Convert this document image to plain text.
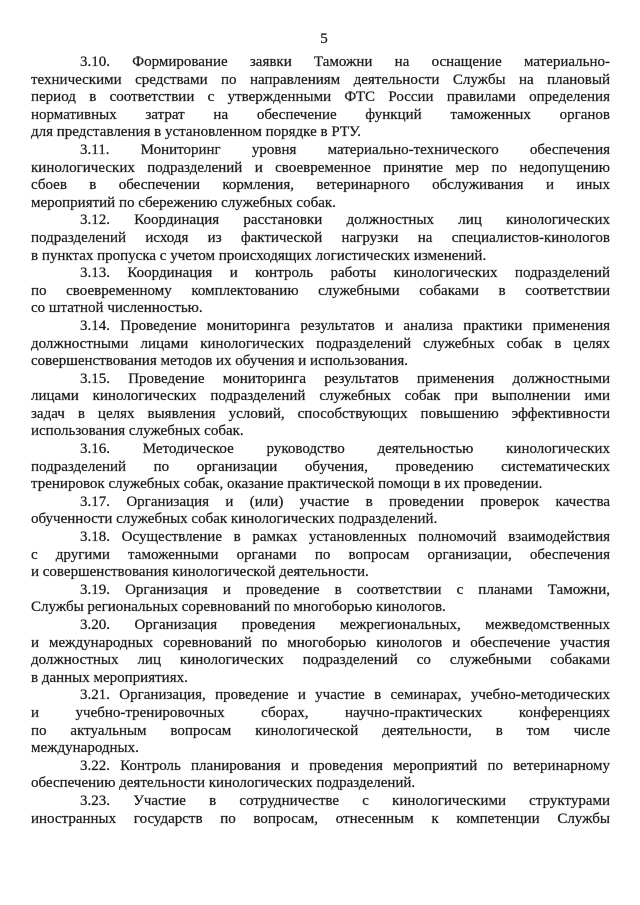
5
3.10. Формирование заявки Таможни на оснащение материально-
техническими средствами по направлениям деятельности Службы на плановый
период в соответствии с утвержденными ФТС России правилами определения
нормативных затрат на обеспечение функций таможенных органов
для представления в установленном порядке в РТУ.
3.11. Мониторинг уровня материально-технического обеспечения
кинологических подразделений и своевременное принятие мер по недопущению
сбоев в обеспечении кормления, ветеринарного обслуживания и иных
мероприятий по сбережению служебных собак.
3.12. Координация расстановки должностных лиц кинологических
подразделений исходя из фактической нагрузки на специалистов-кинологов
в пунктах пропуска с учетом происходящих логистических изменений.
3.13. Координация и контроль работы кинологических подразделений
по своевременному комплектованию служебными собаками в соответствии
со штатной численностью.
3.14. Проведение мониторинга результатов и анализа практики применения
должностными лицами кинологических подразделений служебных собак в целях
совершенствования методов их обучения и использования.
3.15. Проведение мониторинга результатов применения должностными
лицами кинологических подразделений служебных собак при выполнении ими
задач в целях выявления условий, способствующих повышению эффективности
использования служебных собак.
3.16. Методическое руководство деятельностью кинологических
подразделений по организации обучения, проведению систематических
тренировок служебных собак, оказание практической помощи в их проведении.
3.17. Организация и (или) участие в проведении проверок качества
обученности служебных собак кинологических подразделений.
3.18. Осуществление в рамках установленных полномочий взаимодействия
с другими таможенными органами по вопросам организации, обеспечения
и совершенствования кинологической деятельности.
3.19. Организация и проведение в соответствии с планами Таможни,
Службы региональных соревнований по многоборью кинологов.
3.20. Организация проведения межрегиональных, межведомственных
и международных соревнований по многоборью кинологов и обеспечение участия
должностных лиц кинологических подразделений со служебными собаками
в данных мероприятиях.
3.21. Организация, проведение и участие в семинарах, учебно-методических
и учебно-тренировочных сборах, научно-практических конференциях
по актуальным вопросам кинологической деятельности, в том числе
международных.
3.22. Контроль планирования и проведения мероприятий по ветеринарному
обеспечению деятельности кинологических подразделений.
3.23. Участие в сотрудничестве с кинологическими структурами
иностранных государств по вопросам, отнесенным к компетенции Службы
